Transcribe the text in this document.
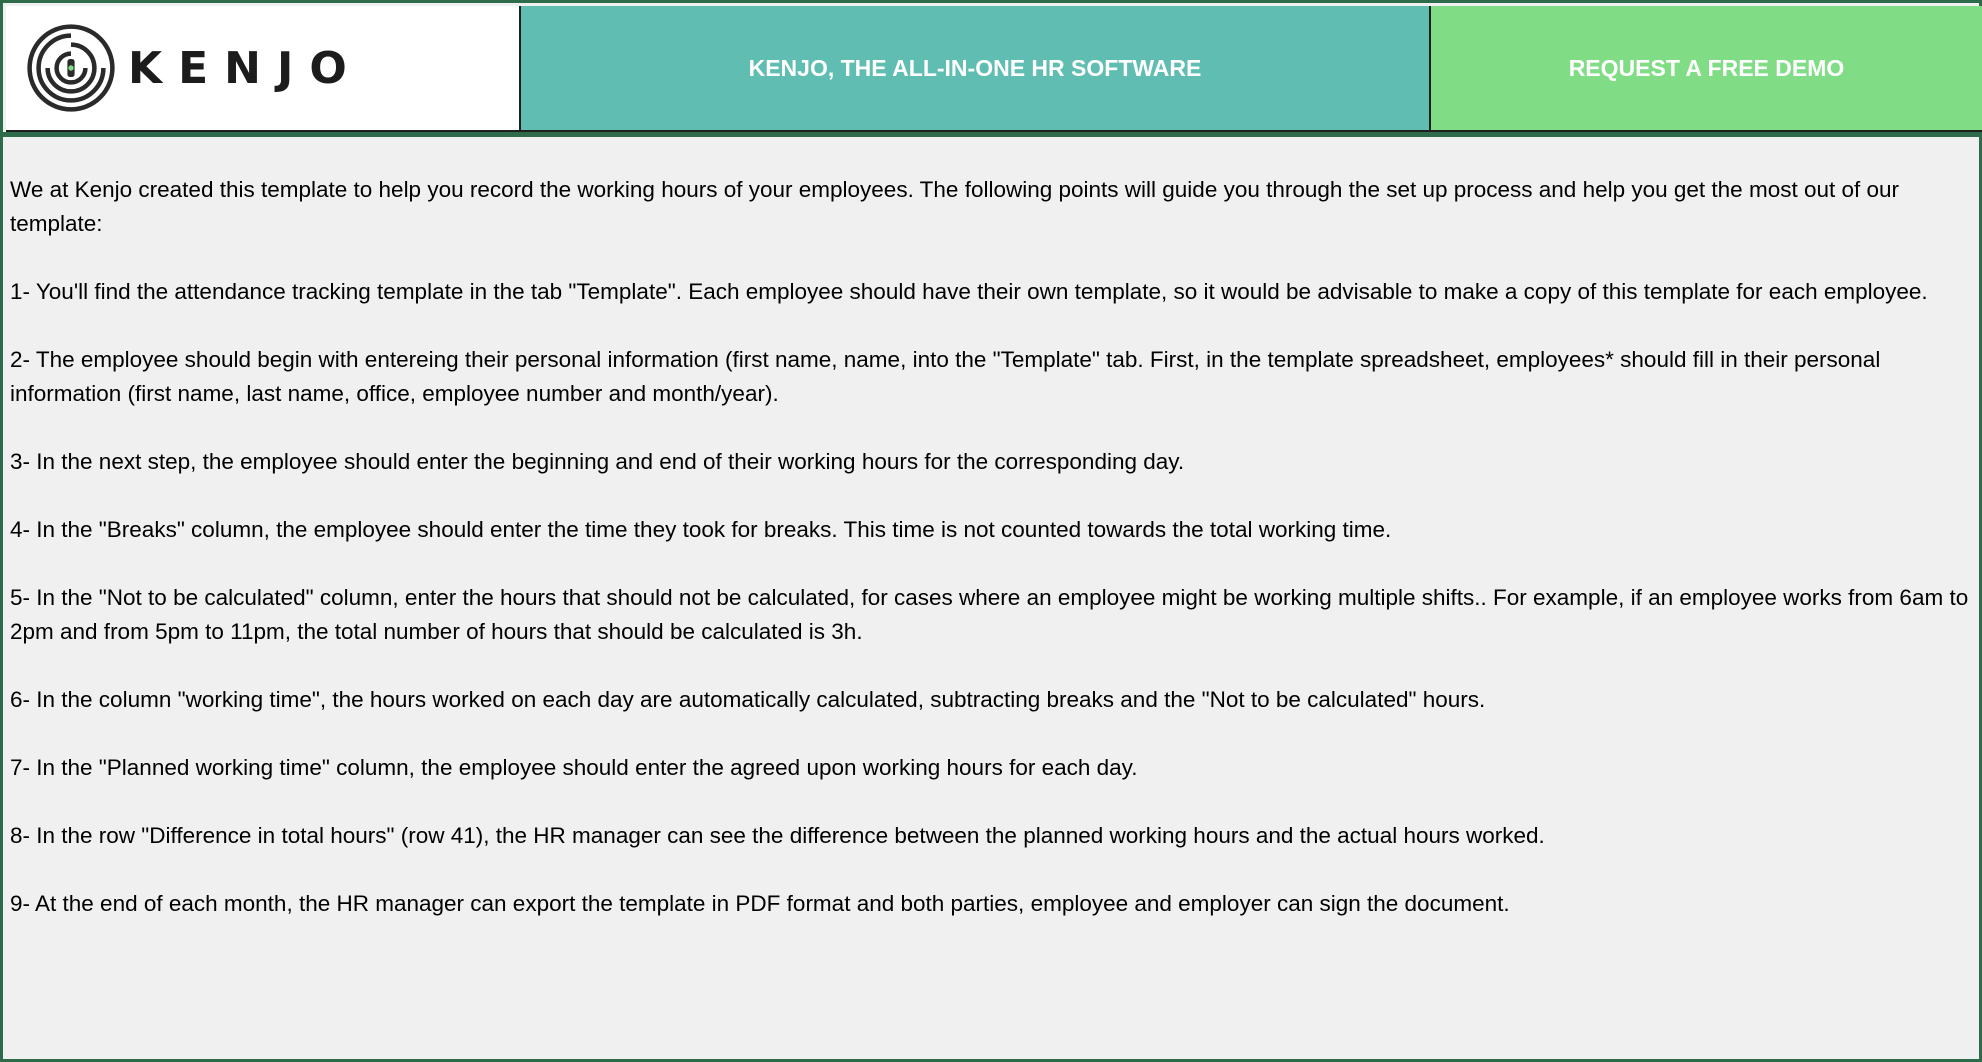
KENJO	KENJO, THE ALL-IN-ONE HR SOFTWARE	REQUEST A FREE DEMO

We at Kenjo created this template to help you record the working hours of your employees. The following points will guide you through the set up process and help you get the most out of our template:

1- You'll find the attendance tracking template in the tab "Template". Each employee should have their own template, so it would be advisable to make a copy of this template for each employee.

2- The employee should begin with entereing their personal information (first name, name, into the "Template" tab. First, in the template spreadsheet, employees* should fill in their personal information (first name, last name, office, employee number and month/year).

3- In the next step, the employee should enter the beginning and end of their working hours for the corresponding day.

4- In the "Breaks" column, the employee should enter the time they took for breaks. This time is not counted towards the total working time.

5- In the "Not to be calculated" column, enter the hours that should not be calculated, for cases where an employee might be working multiple shifts.. For example, if an employee works from 6am to 2pm and from 5pm to 11pm, the total number of hours that should be calculated is 3h.

6- In the column "working time", the hours worked on each day are automatically calculated, subtracting breaks and the "Not to be calculated" hours.

7- In the "Planned working time" column, the employee should enter the agreed upon working hours for each day.

8- In the row "Difference in total hours" (row 41), the HR manager can see the difference between the planned working hours and the actual hours worked.

9- At the end of each month, the HR manager can export the template in PDF format and both parties, employee and employer can sign the document.
